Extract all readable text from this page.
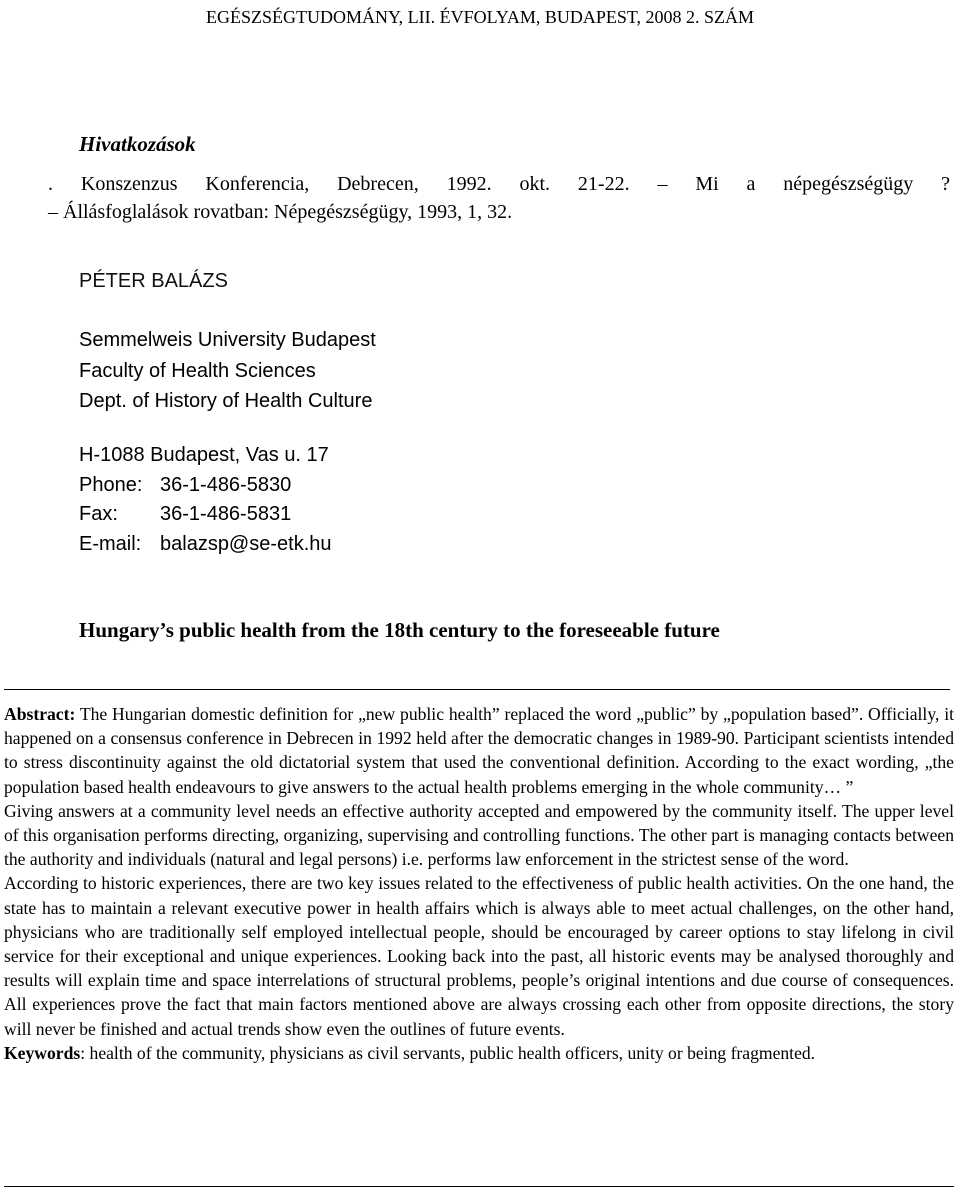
EGÉSZSÉGTUDOMÁNY, LII. ÉVFOLYAM, BUDAPEST, 2008 2. SZÁM
Hivatkozások
. Konszenzus Konferencia, Debrecen, 1992. okt. 21-22. – Mi a népegészségügy ?
– Állásfoglalások rovatban: Népegészségügy, 1993, 1, 32.
PÉTER BALÁZS
Semmelweis University Budapest
Faculty of Health Sciences
Dept. of History of Health Culture
H-1088 Budapest, Vas u. 17
Phone: 36-1-486-5830
Fax:	36-1-486-5831
E-mail: balazsp@se-etk.hu
Hungary’s public health from the 18th century to the foreseeable future

Abstract: The Hungarian domestic definition for „new public health” replaced the word „public” by „population based”. Officially, it happened on a consensus conference in Debrecen in 1992 held after the democratic changes in 1989-90. Participant scientists intended to stress discontinuity against the old dictatorial system that used the conventional definition. According to the exact wording, „the population based health endeavours to give answers to the actual health problems emerging in the whole community… ”

Giving answers at a community level needs an effective authority accepted and empowered by the community itself. The upper level of this organisation performs directing, organizing, supervising and controlling functions. The other part is managing contacts between the authority and individuals (natural and legal persons) i.e. performs law enforcement in the strictest sense of the word.

According to historic experiences, there are two key issues related to the effectiveness of public health activities. On the one hand, the state has to maintain a relevant executive power in health affairs which is always able to meet actual challenges, on the other hand, physicians who are traditionally self employed intellectual people, should be encouraged by career options to stay lifelong in civil service for their exceptional and unique experiences. Looking back into the past, all historic events may be analysed thoroughly and results will explain time and space interrelations of structural problems, people’s original intentions and due course of consequences. All experiences prove the fact that main factors mentioned above are always crossing each other from opposite directions, the story will never be finished and actual trends show even the outlines of future events.

Keywords: health of the community, physicians as civil servants, public health officers, unity or being fragmented.
